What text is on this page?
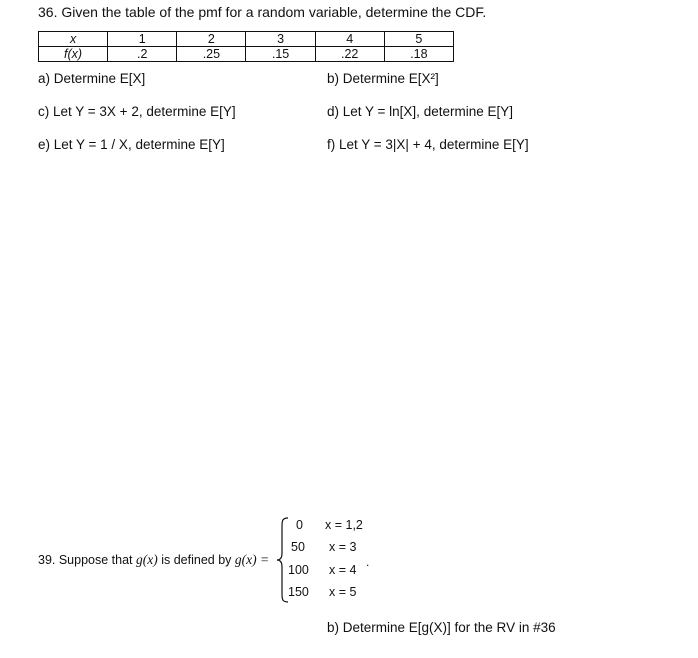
36. Given the table of the pmf for a random variable, determine the CDF.
x	1	2	3	4	5
f(x)	.2	.25	.15	.22	.18
a) Determine E[X]	b) Determine E[X²]
c) Let Y = 3X + 2, determine E[Y]	d) Let Y = ln[X], determine E[Y]
e) Let Y = 1 / X, determine E[Y]	f) Let Y = 3|X| + 4, determine E[Y]
39. Suppose that g(x) is defined by g(x) =
0 x = 1,2
50 x = 3
100 x = 4
150 x = 5
.
b) Determine E[g(X)] for the RV in #36
